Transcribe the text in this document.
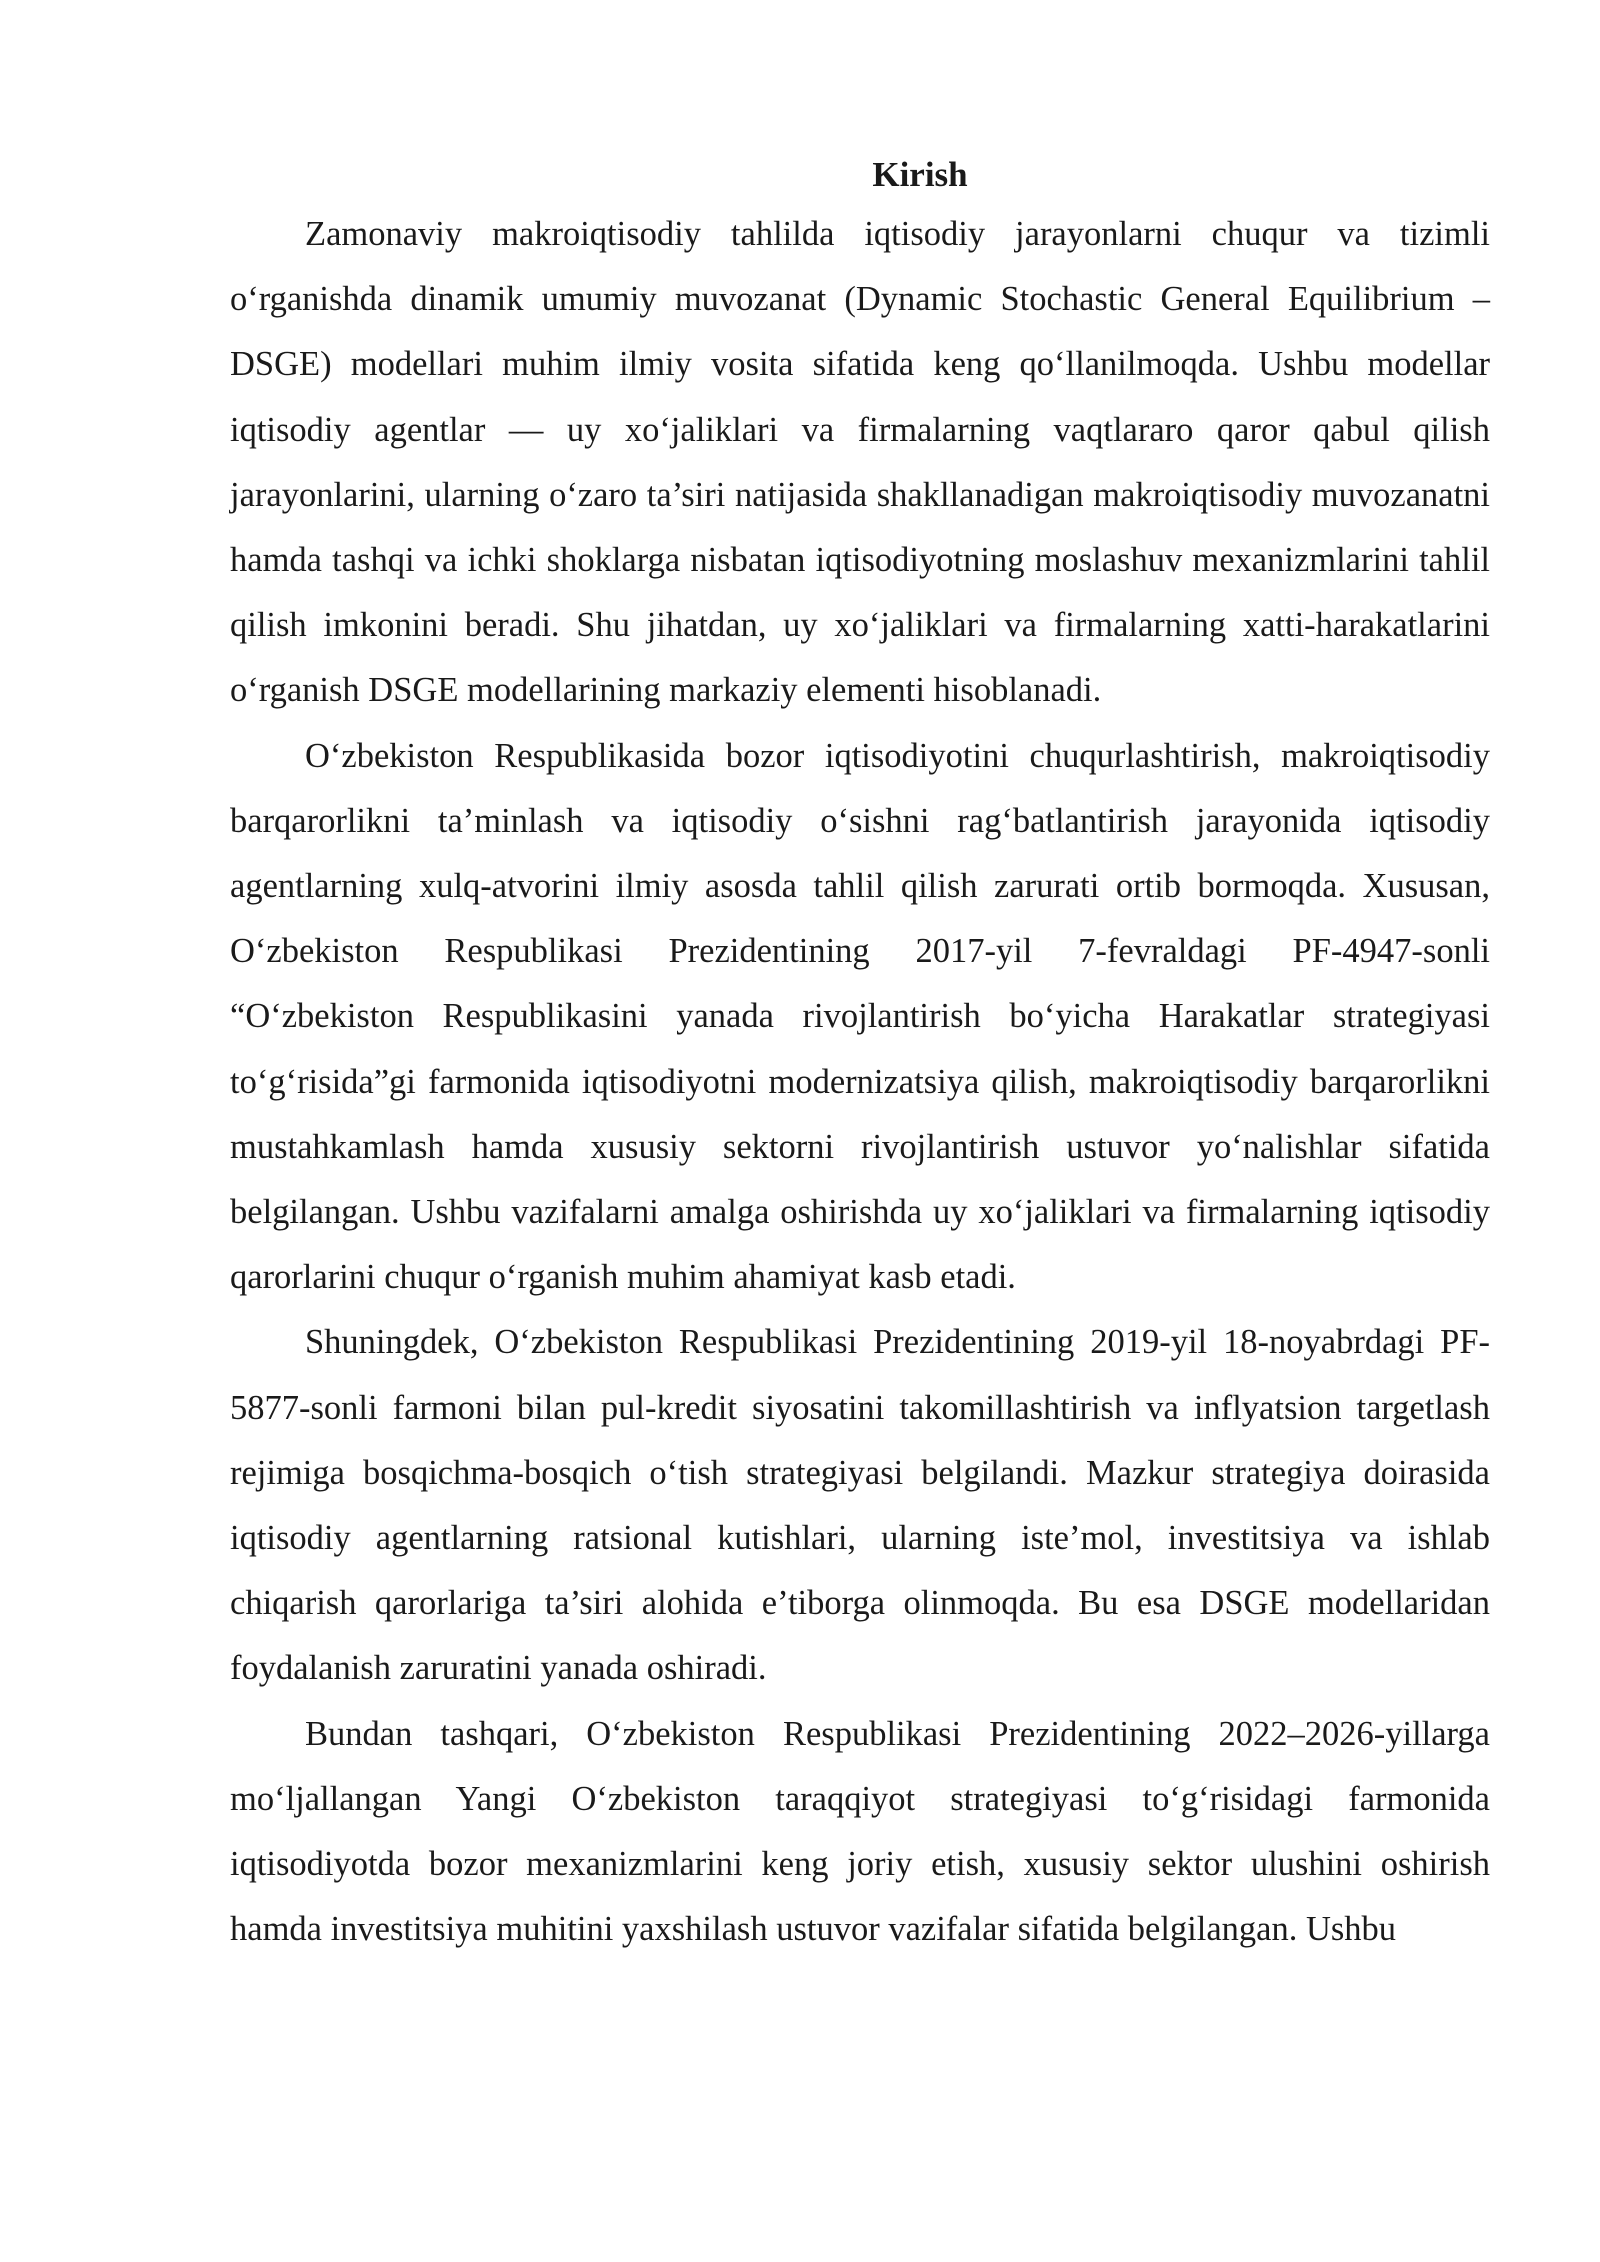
Kirish

Zamonaviy makroiqtisodiy tahlilda iqtisodiy jarayonlarni chuqur va tizimli o‘rganishda dinamik umumiy muvozanat (Dynamic Stochastic General Equilibrium – DSGE) modellari muhim ilmiy vosita sifatida keng qo‘llanilmoqda. Ushbu modellar iqtisodiy agentlar — uy xo‘jaliklari va firmalarning vaqtlararo qaror qabul qilish jarayonlarini, ularning o‘zaro ta’siri natijasida shakllanadigan makroiqtisodiy muvozanatni hamda tashqi va ichki shoklarga nisbatan iqtisodiyotning moslashuv mexanizmlarini tahlil qilish imkonini beradi. Shu jihatdan, uy xo‘jaliklari va firmalarning xatti-harakatlarini o‘rganish DSGE modellarining markaziy elementi hisoblanadi.

O‘zbekiston Respublikasida bozor iqtisodiyotini chuqurlashtirish, makroiqtisodiy barqarorlikni ta’minlash va iqtisodiy o‘sishni rag‘batlantirish jarayonida iqtisodiy agentlarning xulq-atvorini ilmiy asosda tahlil qilish zarurati ortib bormoqda. Xususan, O‘zbekiston Respublikasi Prezidentining 2017-yil 7-fevraldagi PF-4947-sonli “O‘zbekiston Respublikasini yanada rivojlantirish bo‘yicha Harakatlar strategiyasi to‘g‘risida”gi farmonida iqtisodiyotni modernizatsiya qilish, makroiqtisodiy barqarorlikni mustahkamlash hamda xususiy sektorni rivojlantirish ustuvor yo‘nalishlar sifatida belgilangan. Ushbu vazifalarni amalga oshirishda uy xo‘jaliklari va firmalarning iqtisodiy qarorlarini chuqur o‘rganish muhim ahamiyat kasb etadi.

Shuningdek, O‘zbekiston Respublikasi Prezidentining 2019-yil 18-noyabrdagi PF-5877-sonli farmoni bilan pul-kredit siyosatini takomillashtirish va inflyatsion targetlash rejimiga bosqichma-bosqich o‘tish strategiyasi belgilandi. Mazkur strategiya doirasida iqtisodiy agentlarning ratsional kutishlari, ularning iste’mol, investitsiya va ishlab chiqarish qarorlariga ta’siri alohida e’tiborga olinmoqda. Bu esa DSGE modellaridan foydalanish zaruratini yanada oshiradi.

Bundan tashqari, O‘zbekiston Respublikasi Prezidentining 2022–2026-yillarga mo‘ljallangan Yangi O‘zbekiston taraqqiyot strategiyasi to‘g‘risidagi farmonida iqtisodiyotda bozor mexanizmlarini keng joriy etish, xususiy sektor ulushini oshirish hamda investitsiya muhitini yaxshilash ustuvor vazifalar sifatida belgilangan. Ushbu
